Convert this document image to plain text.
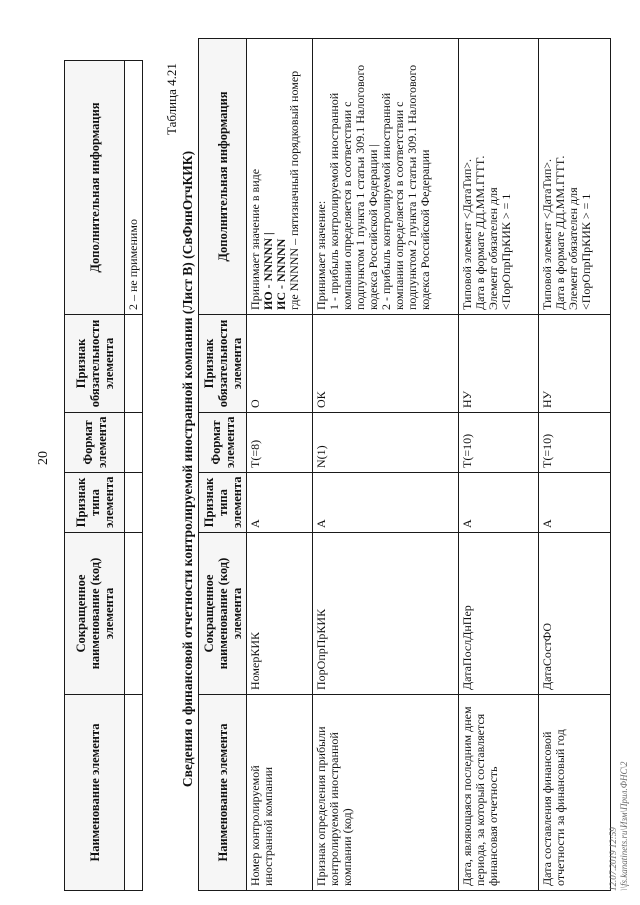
20
Наименование элемента	Сокращенное наименование (код) элемента	Признак типа элемента	Формат элемента	Признак обязательности элемента	Дополнительная информация
					2 – не применимо
Таблица 4.21
Сведения о финансовой отчетности контролируемой иностранной компании (Лист В) (СвФинОтчКИК)
Наименование элемента	Сокращенное наименование (код) элемента	Признак типа элемента	Формат элемента	Признак обязательности элемента	Дополнительная информация
Номер контролируемой иностранной компании	НомерКИК	А	T(=8)	О	Принимает значение в виде ИО - NNNNN | ИС - NNNNN где NNNNN – пятизначный порядковый номер

Признак определения прибыли контролируемой иностранной компании (код)	ПорОпрПрКИК	А	N(1)	ОК	Принимает значение: 1 - прибыль контролируемой иностранной компании определяется в соответствии с подпунктом 1 пункта 1 статьи 309.1 Налогового кодекса Российской Федерации | 2 - прибыль контролируемой иностранной компании определяется в соответствии с подпунктом 2 пункта 1 статьи 309.1 Налогового кодекса Российской Федерации

Дата, являющаяся последним днем периода, за который составляется финансовая отчетность	ДатаПослДнПер	А	T(=10)	НУ	Типовой элемент <ДатаТип>. Дата в формате ДД.ММ.ГГГГ. Элемент обязателен для <ПорОпрПрКИК > = 1

Дата составления финансовой отчетности за финансовый год	ДатаСостФО	А	T(=10)	НУ	Типовой элемент <ДатаТип>. Дата в формате ДД.ММ.ГГГГ. Элемент обязателен для <ПорОпрПрКИК > = 1
12.07.2019 12:59 \\fs.kanatinets.ru\Изм\Прил.ФНС\2
